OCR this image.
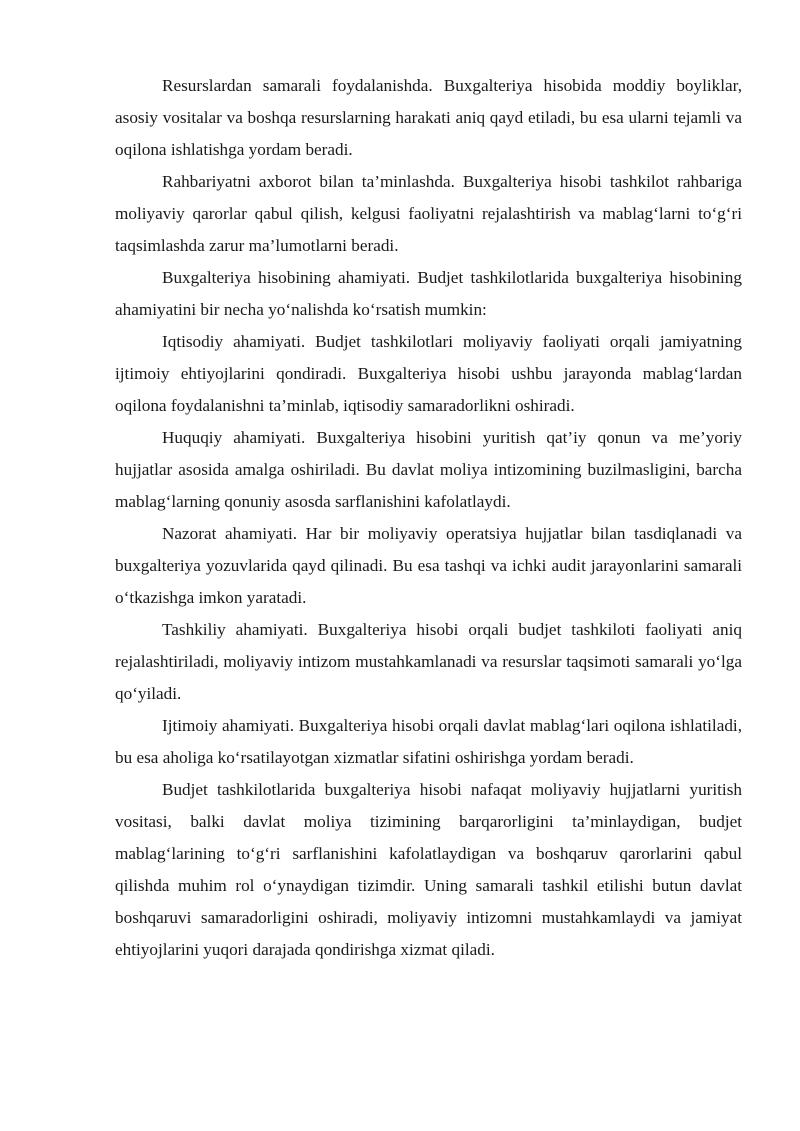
Resurslardan samarali foydalanishda. Buxgalteriya hisobida moddiy boyliklar, asosiy vositalar va boshqa resurslarning harakati aniq qayd etiladi, bu esa ularni tejamli va oqilona ishlatishga yordam beradi.

Rahbariyatni axborot bilan ta’minlashda. Buxgalteriya hisobi tashkilot rahbariga moliyaviy qarorlar qabul qilish, kelgusi faoliyatni rejalashtirish va mablag‘larni to‘g‘ri taqsimlashda zarur ma’lumotlarni beradi.

Buxgalteriya hisobining ahamiyati. Budjet tashkilotlarida buxgalteriya hisobining ahamiyatini bir necha yo‘nalishda ko‘rsatish mumkin:

Iqtisodiy ahamiyati. Budjet tashkilotlari moliyaviy faoliyati orqali jamiyatning ijtimoiy ehtiyojlarini qondiradi. Buxgalteriya hisobi ushbu jarayonda mablag‘lardan oqilona foydalanishni ta’minlab, iqtisodiy samaradorlikni oshiradi.

Huquqiy ahamiyati. Buxgalteriya hisobini yuritish qat’iy qonun va me’yoriy hujjatlar asosida amalga oshiriladi. Bu davlat moliya intizomining buzilmasligini, barcha mablag‘larning qonuniy asosda sarflanishini kafolatlaydi.

Nazorat ahamiyati. Har bir moliyaviy operatsiya hujjatlar bilan tasdiqlanadi va buxgalteriya yozuvlarida qayd qilinadi. Bu esa tashqi va ichki audit jarayonlarini samarali o‘tkazishga imkon yaratadi.

Tashkiliy ahamiyati. Buxgalteriya hisobi orqali budjet tashkiloti faoliyati aniq rejalashtiriladi, moliyaviy intizom mustahkamlanadi va resurslar taqsimoti samarali yo‘lga qo‘yiladi.

Ijtimoiy ahamiyati. Buxgalteriya hisobi orqali davlat mablag‘lari oqilona ishlatiladi, bu esa aholiga ko‘rsatilayotgan xizmatlar sifatini oshirishga yordam beradi.

Budjet tashkilotlarida buxgalteriya hisobi nafaqat moliyaviy hujjatlarni yuritish vositasi, balki davlat moliya tizimining barqarorligini ta’minlaydigan, budjet mablag‘larining to‘g‘ri sarflanishini kafolatlaydigan va boshqaruv qarorlarini qabul qilishda muhim rol o‘ynaydigan tizimdir. Uning samarali tashkil etilishi butun davlat boshqaruvi samaradorligini oshiradi, moliyaviy intizomni mustahkamlaydi va jamiyat ehtiyojlarini yuqori darajada qondirishga xizmat qiladi.
